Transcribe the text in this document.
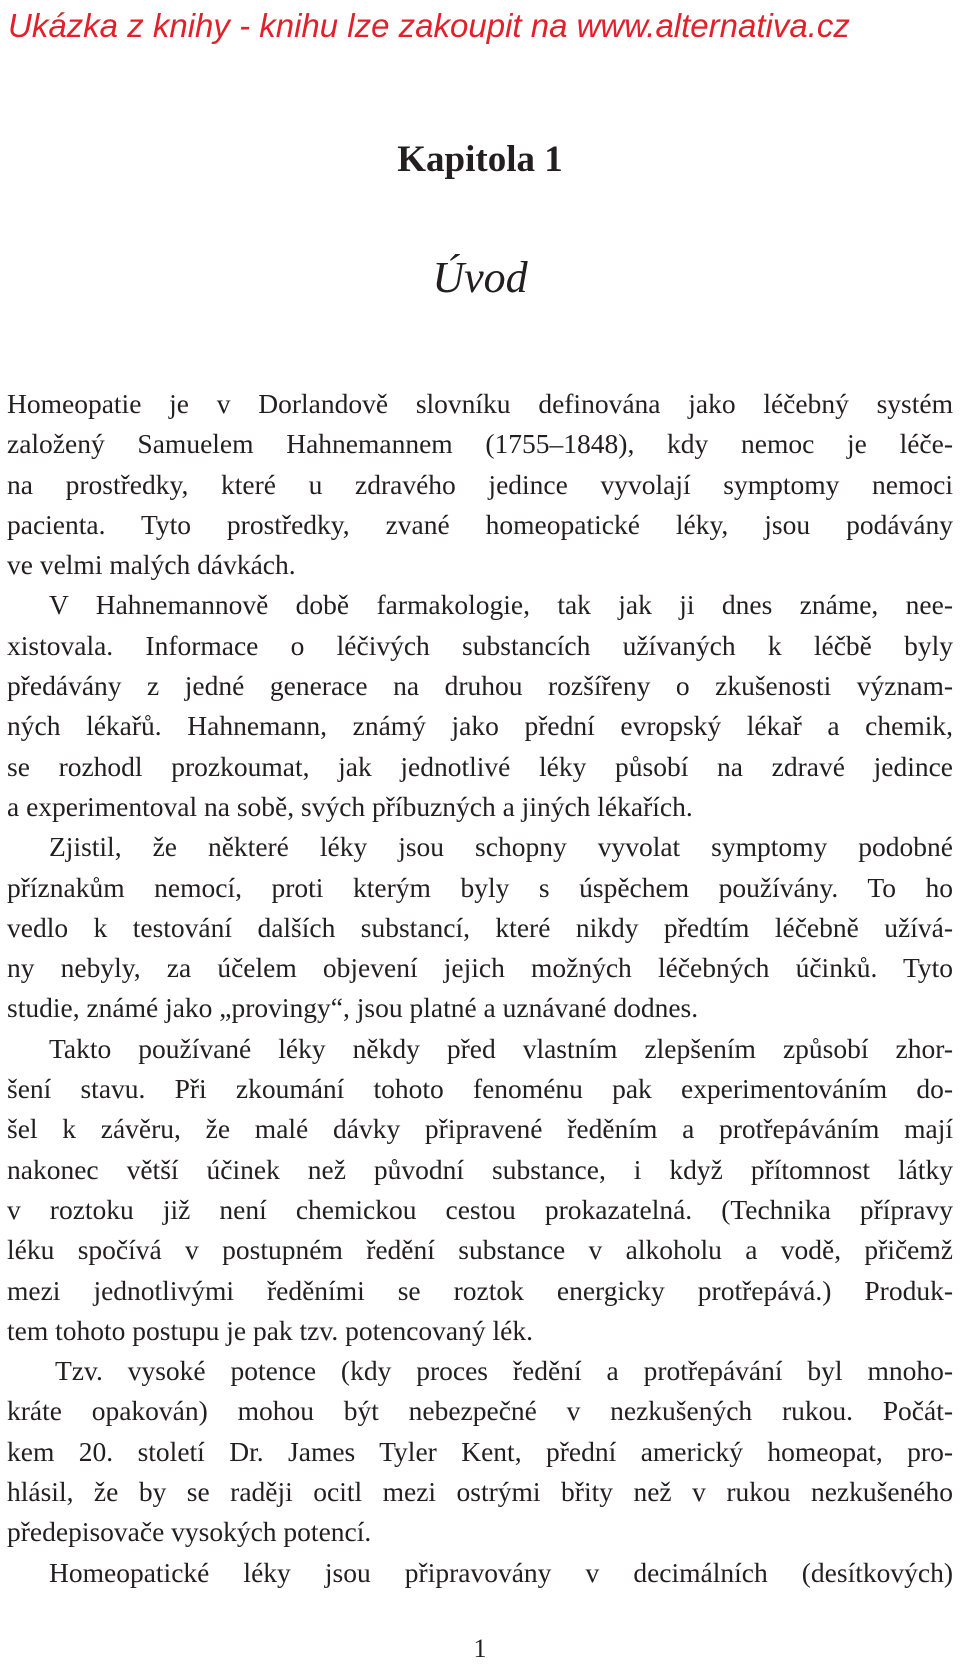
Ukázka z knihy - knihu lze zakoupit na www.alternativa.cz
Kapitola 1
Úvod
Homeopatie je v Dorlandově slovníku definována jako léčebný systém
založený Samuelem Hahnemannem (1755–1848), kdy nemoc je léče-
na prostředky, které u zdravého jedince vyvolají symptomy nemoci
pacienta. Tyto prostředky, zvané homeopatické léky, jsou podávány
ve velmi malých dávkách.
V Hahnemannově době farmakologie, tak jak ji dnes známe, nee-
xistovala. Informace o léčivých substancích užívaných k léčbě byly
předávány z jedné generace na druhou rozšířeny o zkušenosti význam-
ných lékařů. Hahnemann, známý jako přední evropský lékař a chemik,
se rozhodl prozkoumat, jak jednotlivé léky působí na zdravé jedince
a experimentoval na sobě, svých příbuzných a jiných lékařích.
Zjistil, že některé léky jsou schopny vyvolat symptomy podobné
příznakům nemocí, proti kterým byly s úspěchem používány. To ho
vedlo k testování dalších substancí, které nikdy předtím léčebně užívá-
ny nebyly, za účelem objevení jejich možných léčebných účinků. Tyto
studie, známé jako „provingy“, jsou platné a uznávané dodnes.
Takto používané léky někdy před vlastním zlepšením způsobí zhor-
šení stavu. Při zkoumání tohoto fenoménu pak experimentováním do-
šel k závěru, že malé dávky připravené ředěním a protřepáváním mají
nakonec větší účinek než původní substance, i když přítomnost látky
v roztoku již není chemickou cestou prokazatelná. (Technika přípravy
léku spočívá v postupném ředění substance v alkoholu a vodě, přičemž
mezi jednotlivými ředěními se roztok energicky protřepává.) Produk-
tem tohoto postupu je pak tzv. potencovaný lék.
Tzv. vysoké potence (kdy proces ředění a protřepávání byl mnoho-
kráte opakován) mohou být nebezpečné v nezkušených rukou. Počát-
kem 20. století Dr. James Tyler Kent, přední americký homeopat, pro-
hlásil, že by se raději ocitl mezi ostrými břity než v rukou nezkušeného
předepisovače vysokých potencí.
Homeopatické léky jsou připravovány v decimálních (desítkových)
1
